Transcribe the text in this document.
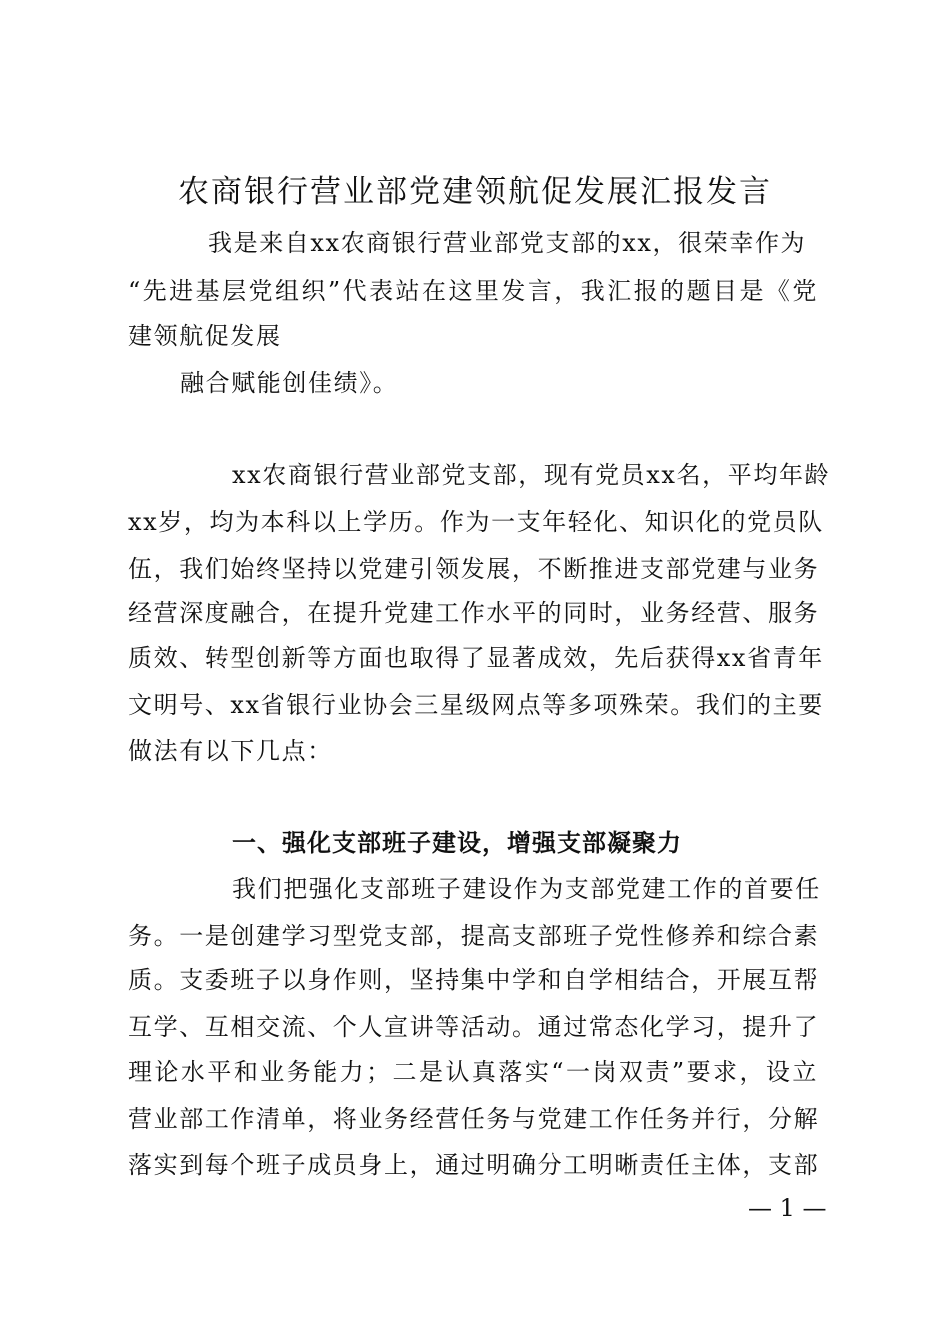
农商银行营业部党建领航促发展汇报发言

我是来自xx农商银行营业部党支部的xx，很荣幸作为

“先进基层党组织”代表站在这里发言，我汇报的题目是《党

建领航促发展

融合赋能创佳绩》。

xx农商银行营业部党支部，现有党员xx名，平均年龄

xx岁，均为本科以上学历。作为一支年轻化、知识化的党员队

伍，我们始终坚持以党建引领发展，不断推进支部党建与业务

经营深度融合，在提升党建工作水平的同时，业务经营、服务

质效、转型创新等方面也取得了显著成效，先后获得xx省青年

文明号、xx省银行业协会三星级网点等多项殊荣。我们的主要

做法有以下几点：

一、强化支部班子建设，增强支部凝聚力

我们把强化支部班子建设作为支部党建工作的首要任

务。一是创建学习型党支部，提高支部班子党性修养和综合素

质。支委班子以身作则，坚持集中学和自学相结合，开展互帮

互学、互相交流、个人宣讲等活动。通过常态化学习，提升了

理论水平和业务能力；二是认真落实“一岗双责”要求，设立

营业部工作清单，将业务经营任务与党建工作任务并行，分解

落实到每个班子成员身上，通过明确分工明晰责任主体，支部

— 1 —
